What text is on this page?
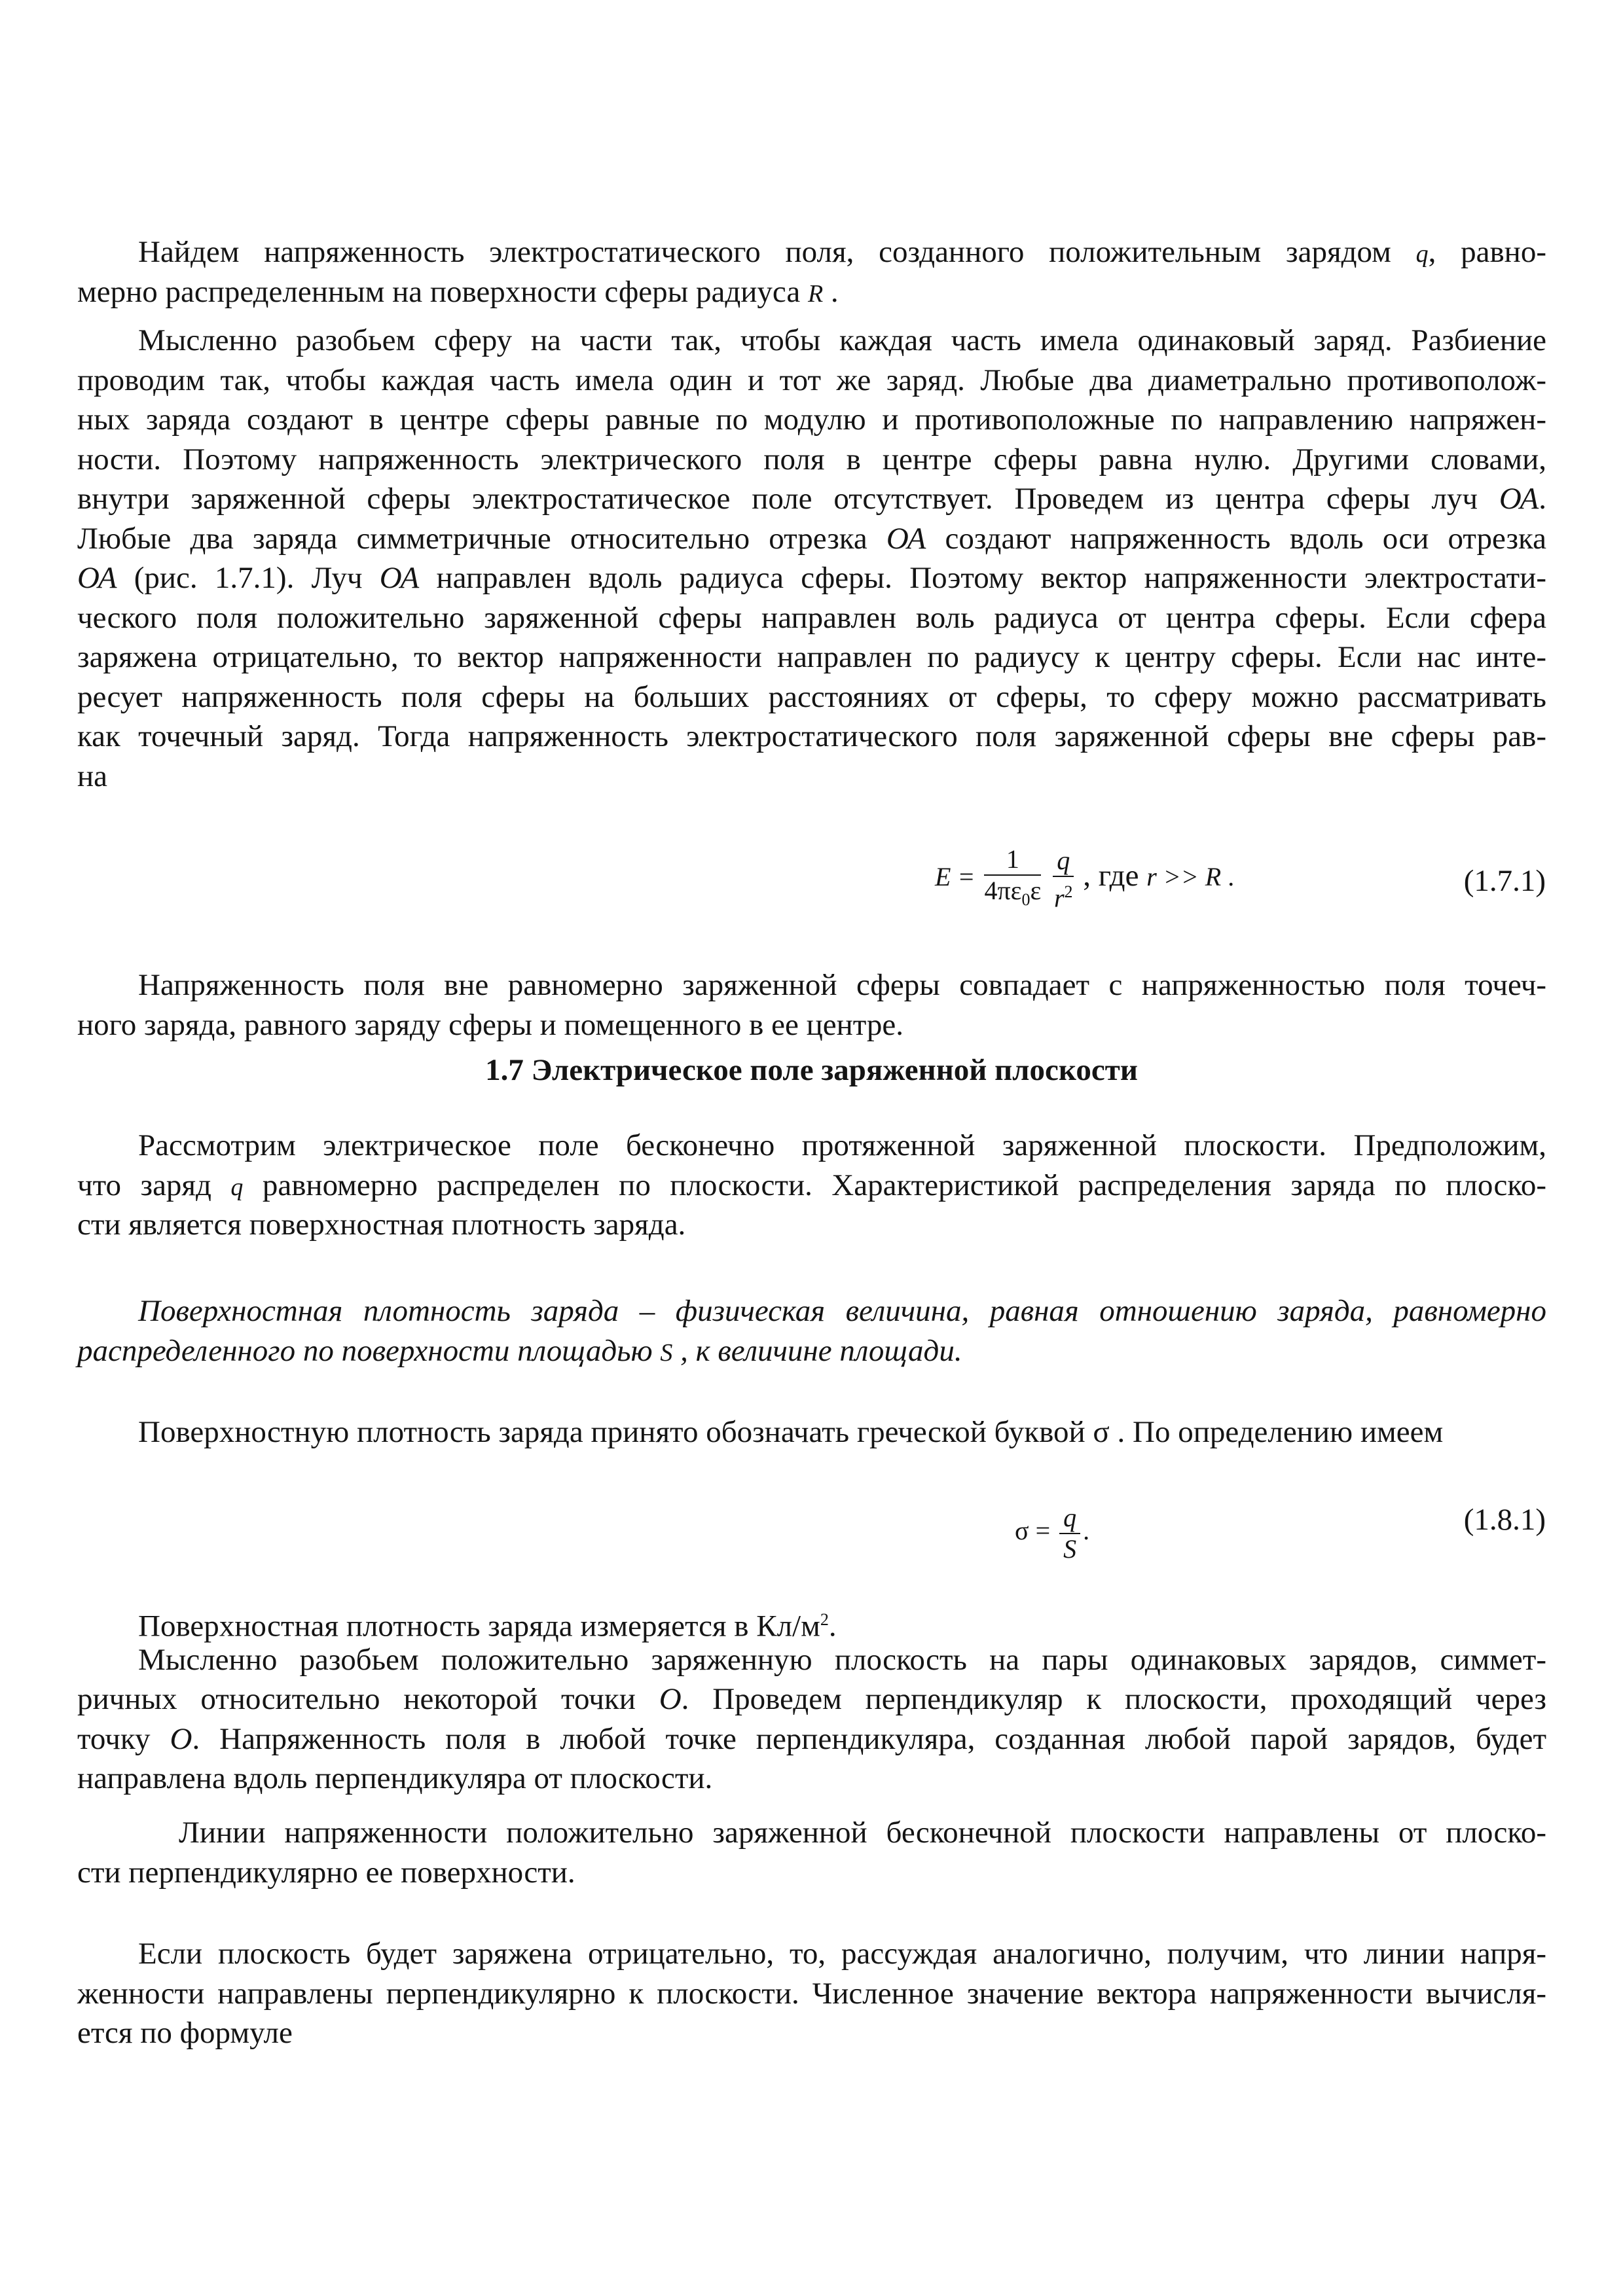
Найдем напряженность электростатического поля, созданного положительным зарядом q, равно-
мерно распределенным на поверхности сферы радиуса R .
Мысленно разобьем сферу на части так, чтобы каждая часть имела одинаковый заряд. Разбиение
проводим так, чтобы каждая часть имела один и тот же заряд. Любые два диаметрально противополож-
ных заряда создают в центре сферы равные по модулю и противоположные по направлению напряжен-
ности. Поэтому напряженность электрического поля в центре сферы равна нулю. Другими словами,
внутри заряженной сферы электростатическое поле отсутствует. Проведем из центра сферы луч ОА.
Любые два заряда симметричные относительно отрезка ОА создают напряженность вдоль оси отрезка
ОА (рис. 1.7.1). Луч ОА направлен вдоль радиуса сферы. Поэтому вектор напряженности электростати-
ческого поля положительно заряженной сферы направлен воль радиуса от центра сферы. Если сфера
заряжена отрицательно, то вектор напряженности направлен по радиусу к центру сферы. Если нас инте-
ресует напряженность поля сферы на больших расстояниях от сферы, то сферу можно рассматривать
как точечный заряд. Тогда напряженность электростатического поля заряженной сферы вне сферы рав-
на
$E = \frac{1}{4\pi\varepsilon_0\varepsilon}$
$\frac{q}{r^2}$ , где r >> R .	(1.7.1)
Напряженность поля вне равномерно заряженной сферы совпадает с напряженностью поля точеч-
ного заряда, равного заряду сферы и помещенного в ее центре.
1.7 Электрическое поле заряженной плоскости
Рассмотрим электрическое поле бесконечно протяженной заряженной плоскости. Предположим,
что заряд q равномерно распределен по плоскости. Характеристикой распределения заряда по плоско-
сти является поверхностная плотность заряда.
Поверхностная плотность заряда – физическая величина, равная отношению заряда, равномерно
распределенного по поверхности площадью S , к величине площади.
Поверхностную плотность заряда принято обозначать греческой буквой σ . По определению имеем
$\sigma = \frac{q}{S}$ .	(1.8.1)
Поверхностная плотность заряда измеряется в $Кл/м^2$.
Мысленно разобьем положительно заряженную плоскость на пары одинаковых зарядов, симмет-
ричных относительно некоторой точки О. Проведем перпендикуляр к плоскости, проходящий через
точку О. Напряженность поля в любой точке перпендикуляра, созданная любой парой зарядов, будет
направлена вдоль перпендикуляра от плоскости.
Линии напряженности положительно заряженной бесконечной плоскости направлены от плоско-
сти перпендикулярно ее поверхности.
Если плоскость будет заряжена отрицательно, то, рассуждая аналогично, получим, что линии напря-
женности направлены перпендикулярно к плоскости. Численное значение вектора напряженности вычисля-
ется по формуле
